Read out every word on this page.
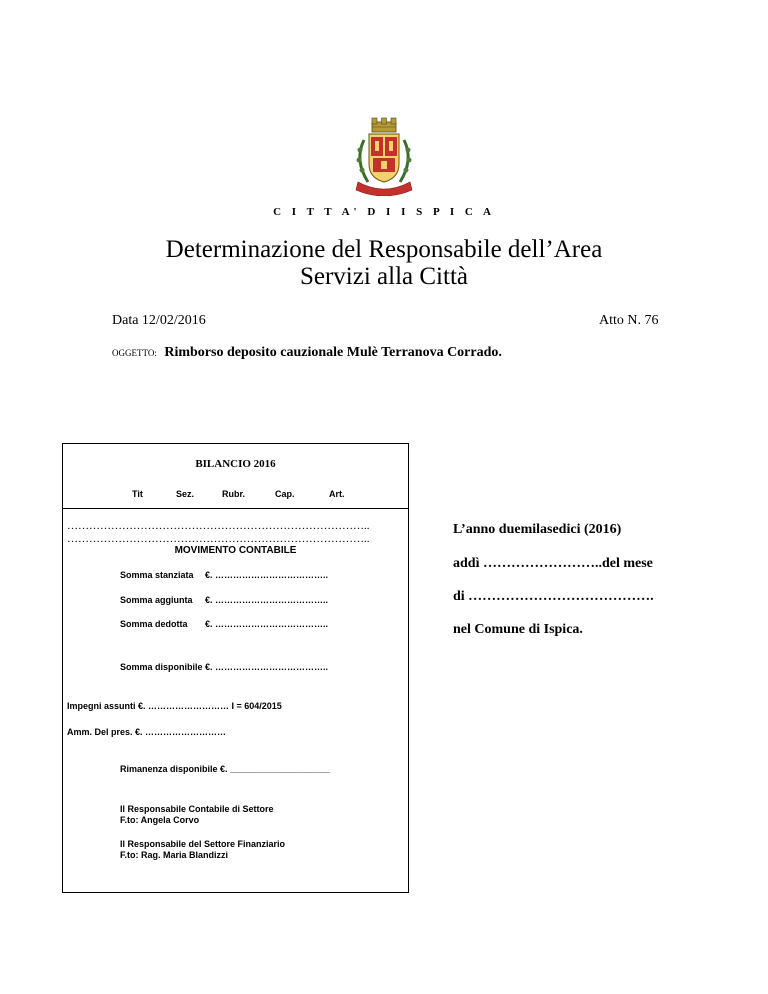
C I T T A' D I I S P I C A
Determinazione del Responsabile dell’Area
Servizi alla Città
Data 12/02/2016	Atto N. 76
OGGETTO: Rimborso deposito cauzionale Mulè Terranova Corrado.
BILANCIO 2016
Tit	Sez.	Rubr.	Cap.	Art.
………………………………………………………………………..
………………………………………………………………………..
MOVIMENTO CONTABILE
Somma stanziata €. ………………………………..
Somma aggiunta €. ………………………………..
Somma dedotta €. ………………………………..
Somma disponibile €. ………………………………..
Impegni assunti €. ……………………… I = 604/2015
Amm. Del pres. €. ………………………
Rimanenza disponibile €. ____________________
Il Responsabile Contabile di Settore
F.to: Angela Corvo
Il Responsabile del Settore Finanziario
F.to: Rag. Maria Blandizzi
L’anno duemilasedici (2016)
addì ……………………..del mese
di ………………………………….
nel Comune di Ispica.
